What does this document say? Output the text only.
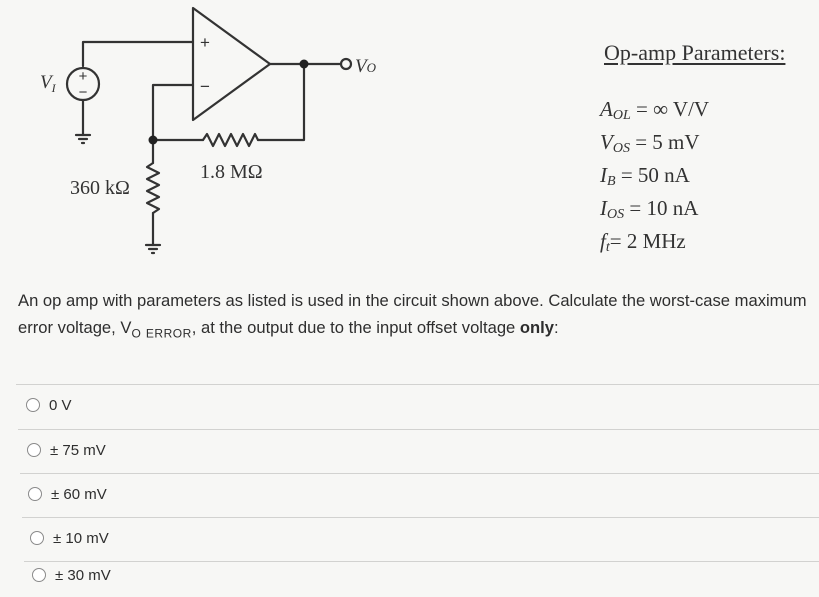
+
−
+
−
$V_I$
1.8 MΩ
360 kΩ
VO
Op-amp Parameters:
$A_{OL}$ = ∞ V/V
$V_{OS} = 5$ mV
$I_B = 50$ nA
$I_{OS} = 10$ nA
$f_t= 2$ MHz
An op amp with parameters as listed is used in the circuit shown above. Calculate the worst-case maximum error voltage, $V_O$ $_{ERROR}$, at the output due to the input offset voltage only:
0 V
± 75 mV
± 60 mV
± 10 mV
± 30 mV
